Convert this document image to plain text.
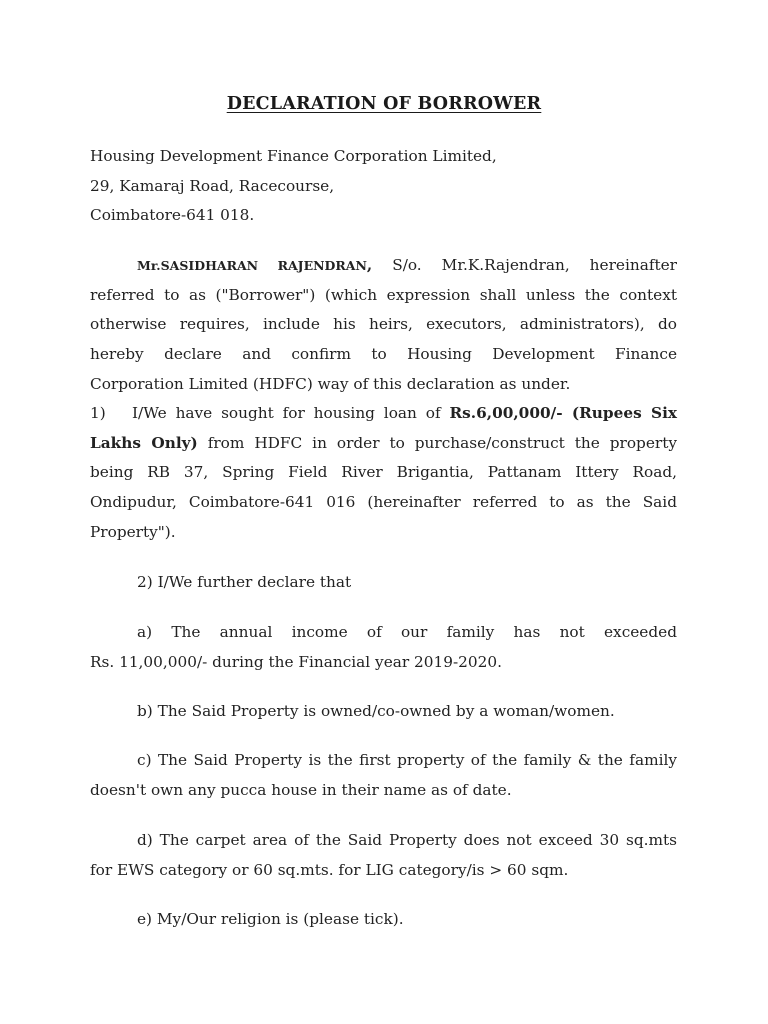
DECLARATION OF BORROWER
Housing Development Finance Corporation Limited,
29, Kamaraj Road, Racecourse,
Coimbatore-641 018.
Mr.SASIDHARAN RAJENDRAN, S/o. Mr.K.Rajendran, hereinafter
referred to as ("Borrower") (which expression shall unless the context
otherwise requires, include his heirs, executors, administrators), do
hereby declare and confirm to Housing Development Finance
Corporation Limited (HDFC) way of this declaration as under.
1) I/We have sought for housing loan of Rs.6,00,000/- (Rupees Six
Lakhs Only) from HDFC in order to purchase/construct the property
being RB 37, Spring Field River Brigantia, Pattanam Ittery Road,
Ondipudur, Coimbatore-641 016 (hereinafter referred to as the Said
Property").
2) I/We further declare that
a) The annual income of our family has not exceeded
Rs. 11,00,000/- during the Financial year 2019-2020.
b) The Said Property is owned/co-owned by a woman/women.
c) The Said Property is the first property of the family & the family
doesn't own any pucca house in their name as of date.
d) The carpet area of the Said Property does not exceed 30 sq.mts
for EWS category or 60 sq.mts. for LIG category/is > 60 sqm.
e) My/Our religion is (please tick).
